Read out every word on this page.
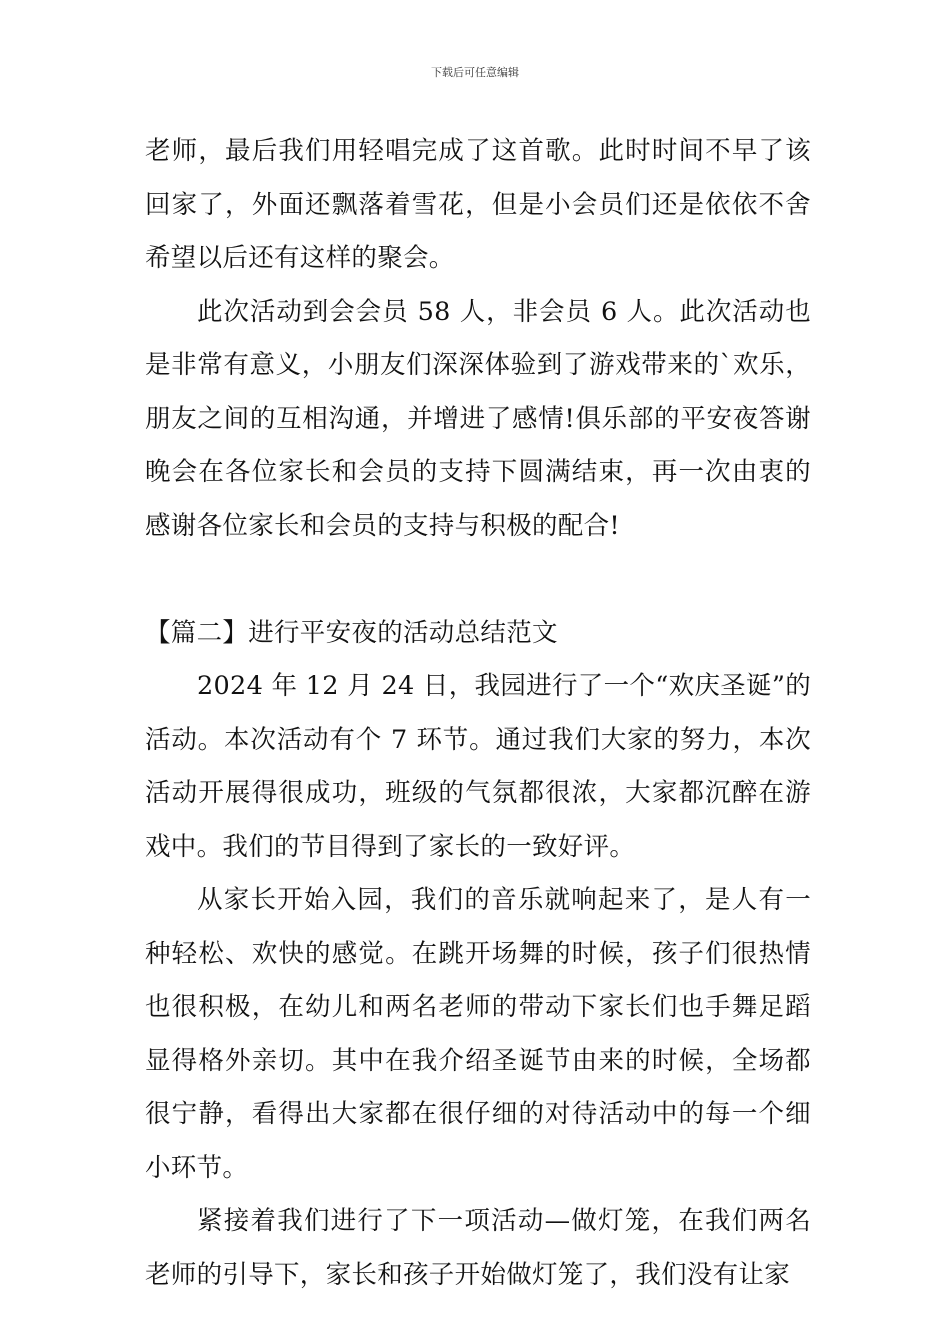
下载后可任意编辑

老师，最后我们用轻唱完成了这首歌。此时时间不早了该回家了，外面还飘落着雪花，但是小会员们还是依依不舍希望以后还有这样的聚会。

此次活动到会会员 58 人，非会员 6 人。此次活动也是非常有意义，小朋友们深深体验到了游戏带来的`欢乐，朋友之间的互相沟通，并增进了感情!俱乐部的平安夜答谢晚会在各位家长和会员的支持下圆满结束，再一次由衷的感谢各位家长和会员的支持与积极的配合!

【篇二】进行平安夜的活动总结范文

2024 年 12 月 24 日，我园进行了一个“欢庆圣诞”的活动。本次活动有个 7 环节。通过我们大家的努力，本次活动开展得很成功，班级的气氛都很浓，大家都沉醉在游戏中。我们的节目得到了家长的一致好评。

从家长开始入园，我们的音乐就响起来了，是人有一种轻松、欢快的感觉。在跳开场舞的时候，孩子们很热情也很积极，在幼儿和两名老师的带动下家长们也手舞足蹈显得格外亲切。其中在我介绍圣诞节由来的时候，全场都很宁静，看得出大家都在很仔细的对待活动中的每一个细小环节。

紧接着我们进行了下一项活动—做灯笼，在我们两名老师的引导下，家长和孩子开始做灯笼了，我们没有让家
